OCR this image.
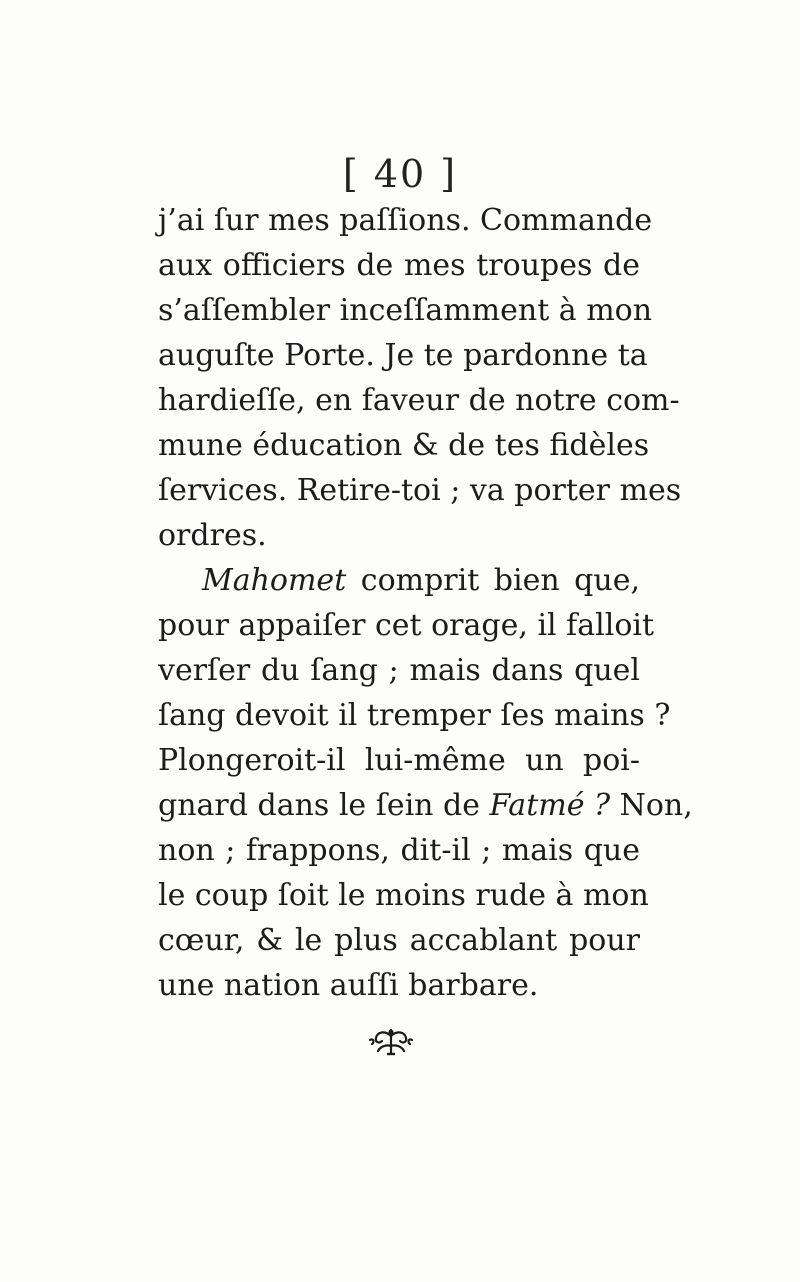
[ 40 ]
j’ai ſur mes paſſions. Commande
aux officiers de mes troupes de
s’aſſembler inceſſamment à mon
auguſte Porte. Je te pardonne ta
hardieſſe, en faveur de notre com-
mune éducation & de tes fidèles
ſervices. Retire-toi ; va porter mes
ordres.
Mahomet comprit bien que,
pour appaiſer cet orage, il falloit
verſer du ſang ; mais dans quel
ſang devoit il tremper ſes mains ?
Plongeroit-il lui-même un poi-
gnard dans le ſein de Fatmé ? Non,
non ; frappons, dit-il ; mais que
le coup ſoit le moins rude à mon
cœur, & le plus accablant pour
une nation auſſi barbare.
